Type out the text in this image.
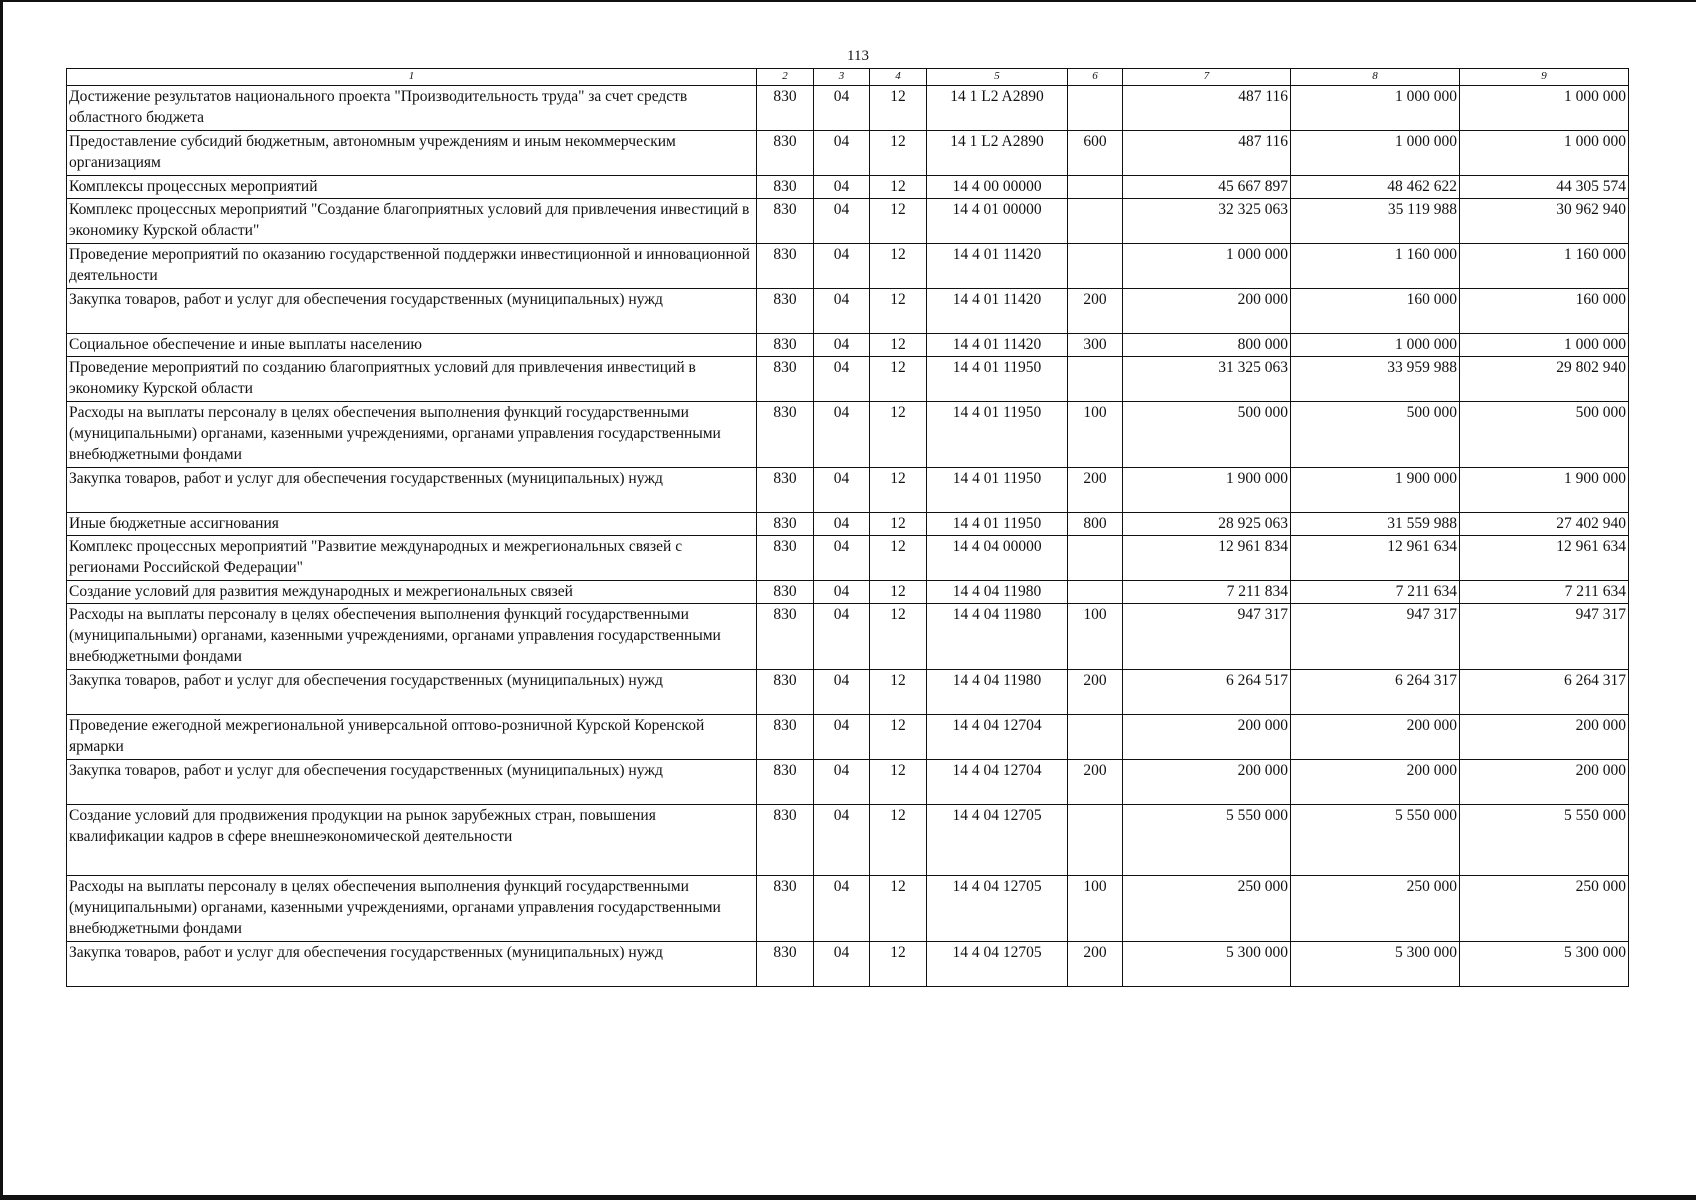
113
1	2	3	4	5	6	7	8	9
Достижение результатов национального проекта "Производительность труда" за счет средств областного бюджета	830	04	12	14 1 L2 A2890		487 116	1 000 000	1 000 000
Предоставление субсидий бюджетным, автономным учреждениям и иным некоммерческим организациям	830	04	12	14 1 L2 A2890	600	487 116	1 000 000	1 000 000
Комплексы процессных мероприятий	830	04	12	14 4 00 00000		45 667 897	48 462 622	44 305 574
Комплекс процессных мероприятий "Создание благоприятных условий для привлечения инвестиций в экономику Курской области"	830	04	12	14 4 01 00000		32 325 063	35 119 988	30 962 940
Проведение мероприятий по оказанию государственной поддержки инвестиционной и инновационной деятельности	830	04	12	14 4 01 11420		1 000 000	1 160 000	1 160 000
Закупка товаров, работ и услуг для обеспечения государственных (муниципальных) нужд	830	04	12	14 4 01 11420	200	200 000	160 000	160 000
Социальное обеспечение и иные выплаты населению	830	04	12	14 4 01 11420	300	800 000	1 000 000	1 000 000
Проведение мероприятий по созданию благоприятных условий для привлечения инвестиций в экономику Курской области	830	04	12	14 4 01 11950		31 325 063	33 959 988	29 802 940
Расходы на выплаты персоналу в целях обеспечения выполнения функций государственными (муниципальными) органами, казенными учреждениями, органами управления государственными внебюджетными фондами	830	04	12	14 4 01 11950	100	500 000	500 000	500 000
Закупка товаров, работ и услуг для обеспечения государственных (муниципальных) нужд	830	04	12	14 4 01 11950	200	1 900 000	1 900 000	1 900 000
Иные бюджетные ассигнования	830	04	12	14 4 01 11950	800	28 925 063	31 559 988	27 402 940
Комплекс процессных мероприятий "Развитие международных и межрегиональных связей с регионами Российской Федерации"	830	04	12	14 4 04 00000		12 961 834	12 961 634	12 961 634
Создание условий для развития международных и межрегиональных связей	830	04	12	14 4 04 11980		7 211 834	7 211 634	7 211 634
Расходы на выплаты персоналу в целях обеспечения выполнения функций государственными (муниципальными) органами, казенными учреждениями, органами управления государственными внебюджетными фондами	830	04	12	14 4 04 11980	100	947 317	947 317	947 317
Закупка товаров, работ и услуг для обеспечения государственных (муниципальных) нужд	830	04	12	14 4 04 11980	200	6 264 517	6 264 317	6 264 317
Проведение ежегодной межрегиональной универсальной оптово-розничной Курской Коренской ярмарки	830	04	12	14 4 04 12704		200 000	200 000	200 000
Закупка товаров, работ и услуг для обеспечения государственных (муниципальных) нужд	830	04	12	14 4 04 12704	200	200 000	200 000	200 000
Создание условий для продвижения продукции на рынок зарубежных стран, повышения квалификации кадров в сфере внешнеэкономической деятельности	830	04	12	14 4 04 12705		5 550 000	5 550 000	5 550 000
Расходы на выплаты персоналу в целях обеспечения выполнения функций государственными (муниципальными) органами, казенными учреждениями, органами управления государственными внебюджетными фондами	830	04	12	14 4 04 12705	100	250 000	250 000	250 000
Закупка товаров, работ и услуг для обеспечения государственных (муниципальных) нужд	830	04	12	14 4 04 12705	200	5 300 000	5 300 000	5 300 000
